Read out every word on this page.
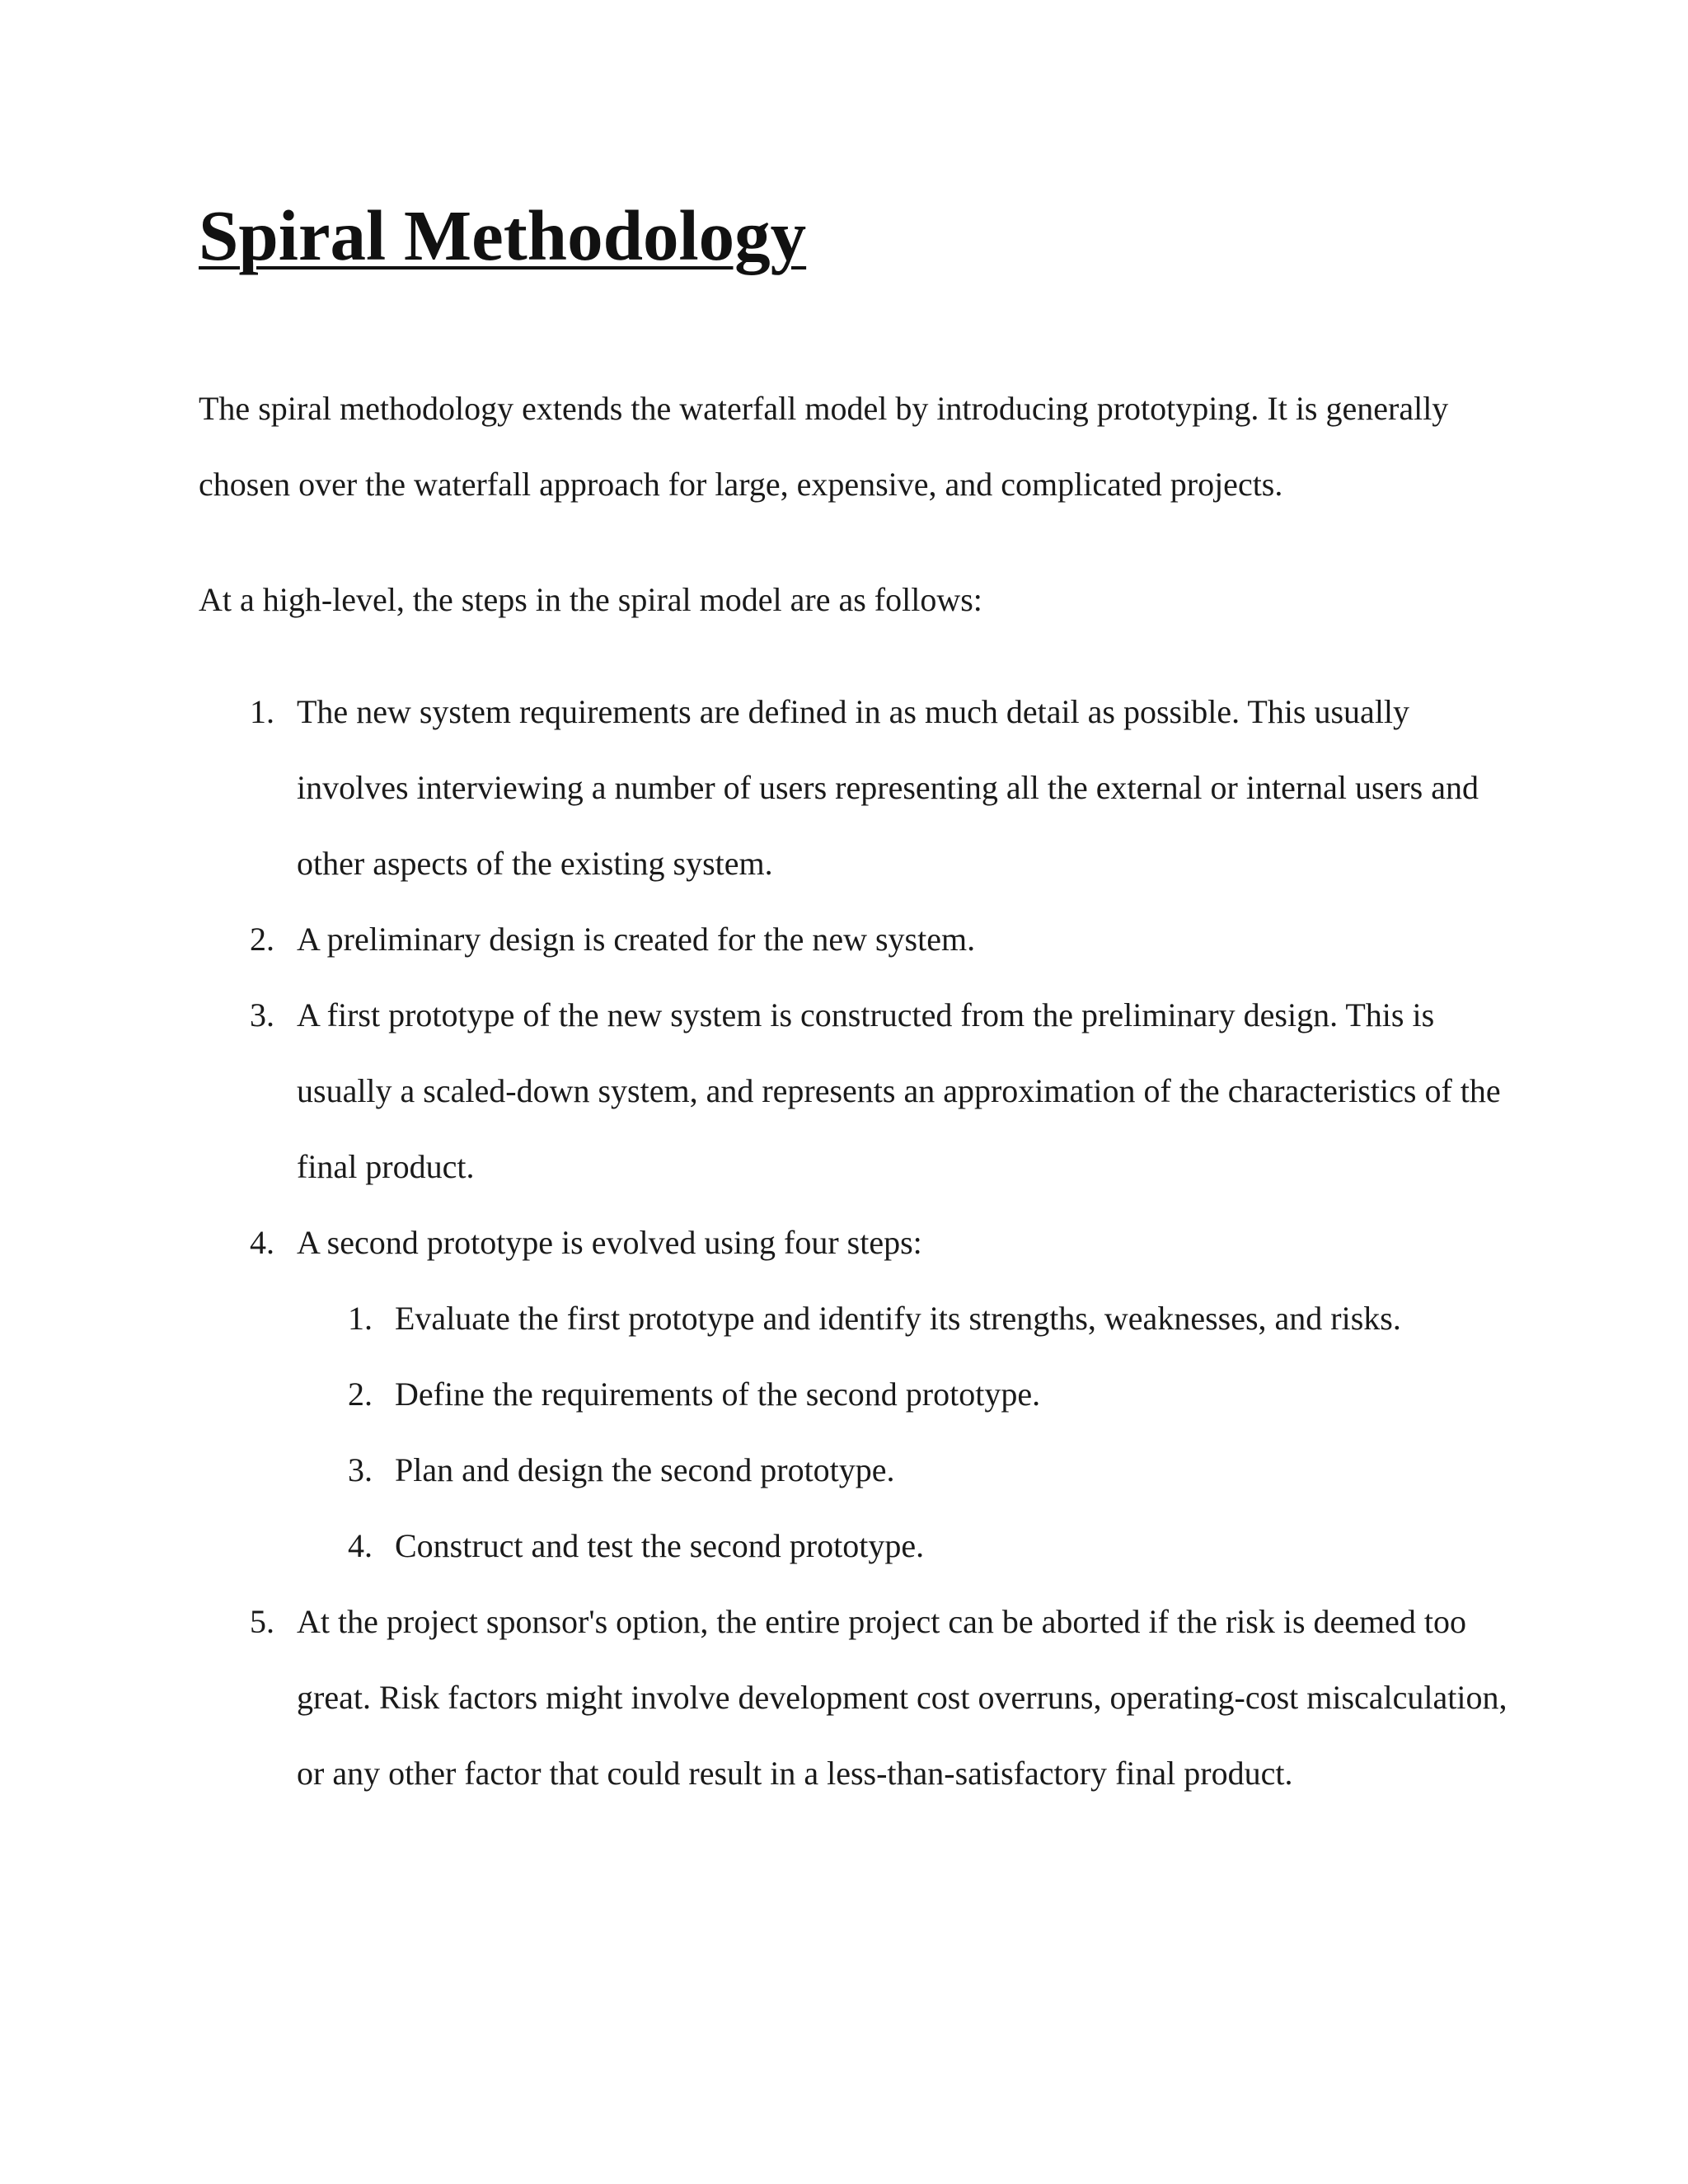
Spiral Methodology

The spiral methodology extends the waterfall model by introducing prototyping. It is generally chosen over the waterfall approach for large, expensive, and complicated projects.

At a high-level, the steps in the spiral model are as follows:

1. The new system requirements are defined in as much detail as possible. This usually involves interviewing a number of users representing all the external or internal users and other aspects of the existing system.
2. A preliminary design is created for the new system.
3. A first prototype of the new system is constructed from the preliminary design. This is usually a scaled-down system, and represents an approximation of the characteristics of the final product.
4. A second prototype is evolved using four steps:
1. Evaluate the first prototype and identify its strengths, weaknesses, and risks.
2. Define the requirements of the second prototype.
3. Plan and design the second prototype.
4. Construct and test the second prototype.
5. At the project sponsor's option, the entire project can be aborted if the risk is deemed too great. Risk factors might involve development cost overruns, operating-cost miscalculation, or any other factor that could result in a less-than-satisfactory final product.
